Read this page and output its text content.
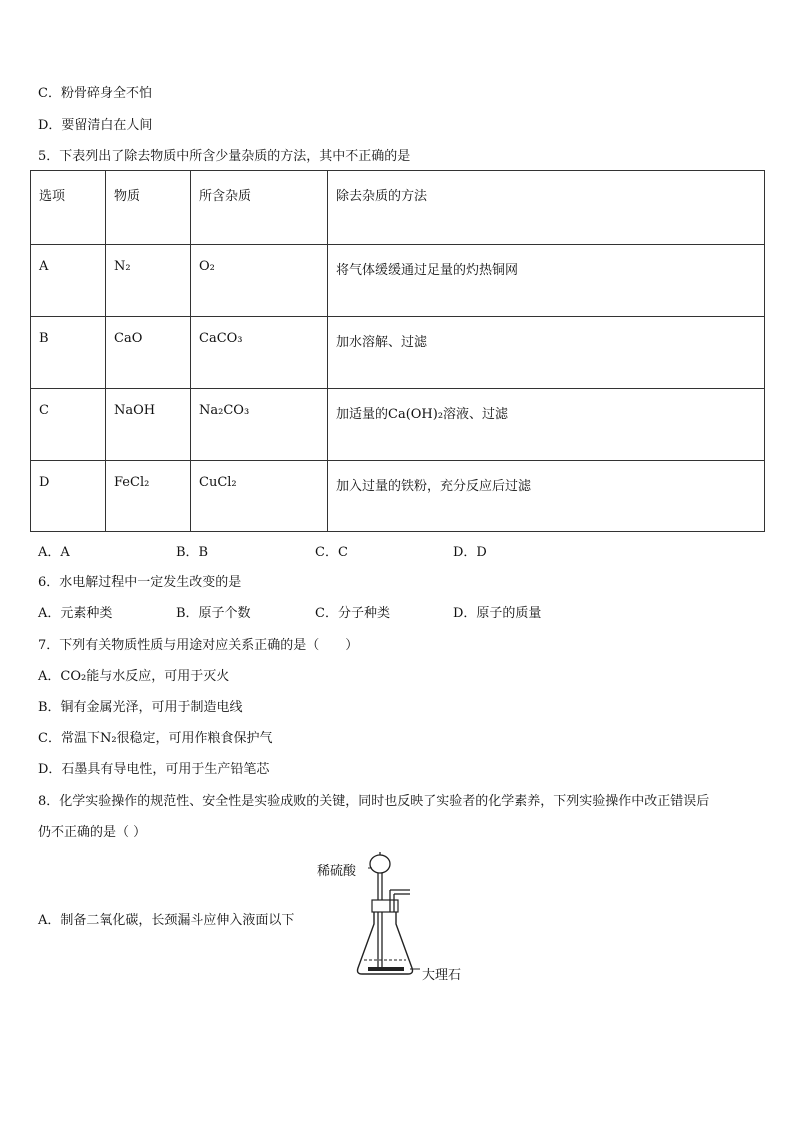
C．粉骨碎身全不怕
D．要留清白在人间
5．下表列出了除去物质中所含少量杂质的方法，其中不正确的是
选项	物质	所含杂质	除去杂质的方法
A	N₂	O₂	将气体缓缓通过足量的灼热铜网
B	CaO	CaCO₃	加水溶解、过滤
C	NaOH	Na₂CO₃	加适量的Ca(OH)₂溶液、过滤
D	FeCl₂	CuCl₂	加入过量的铁粉，充分反应后过滤
A．A	B．B	C．C	D．D
6．水电解过程中一定发生改变的是
A．元素种类	B．原子个数	C．分子种类	D．原子的质量
7．下列有关物质性质与用途对应关系正确的是（　　）
A．CO₂能与水反应，可用于灭火
B．铜有金属光泽，可用于制造电线
C．常温下N₂很稳定，可用作粮食保护气
D．石墨具有导电性，可用于生产铅笔芯
8．化学实验操作的规范性、安全性是实验成败的关键，同时也反映了实验者的化学素养，下列实验操作中改正错误后
仍不正确的是（ ）
A．制备二氧化碳，长颈漏斗应伸入液面以下
稀硫酸
大理石
